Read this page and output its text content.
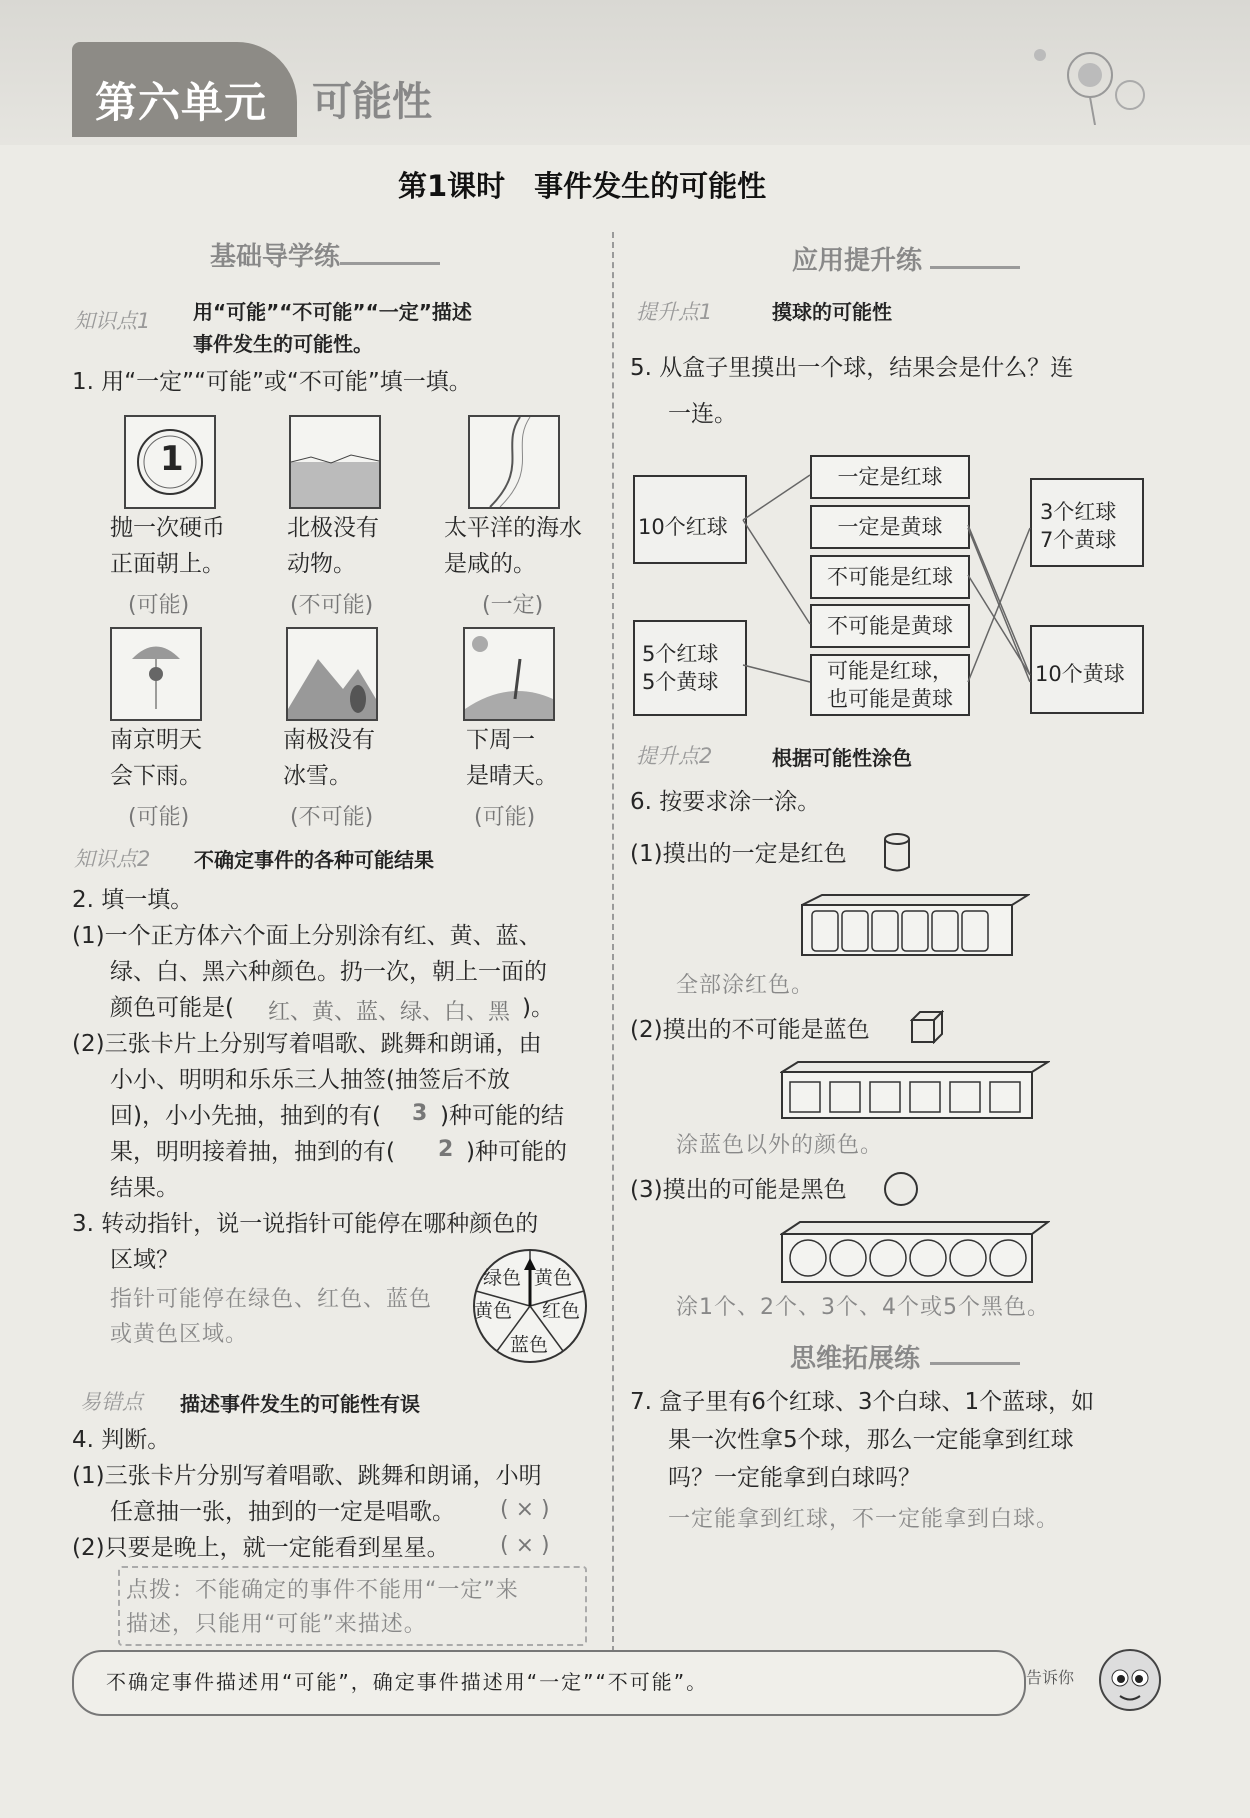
第六单元 可能性
第1课时　事件发生的可能性
基础导学练
知识点1 用“可能”“不可能”“一定”描述
事件发生的可能性。
1. 用“一定”“可能”或“不可能”填一填。
1
抛一次硬币
正面朝上。
(可能)
北极没有
动物。
(不可能)
太平洋的海水
是咸的。
(一定)
南京明天
会下雨。
(可能)
南极没有
冰雪。
(不可能)
下周一
是晴天。
(可能)
知识点2 不确定事件的各种可能结果
2. 填一填。
(1)一个正方体六个面上分别涂有红、黄、蓝、
绿、白、黑六种颜色。扔一次，朝上一面的
颜色可能是( 红、黄、蓝、绿、白、黑 )。
(2)三张卡片上分别写着唱歌、跳舞和朗诵，由
小小、明明和乐乐三人抽签(抽签后不放
回)，小小先抽，抽到的有( 3 )种可能的结
果，明明接着抽，抽到的有( 2 )种可能的
结果。
3. 转动指针，说一说指针可能停在哪种颜色的
区域？
指针可能停在绿色、红色、蓝色
或黄色区域。
绿色 黄色
黄色 红色
蓝色
易错点 描述事件发生的可能性有误
4. 判断。
(1)三张卡片分别写着唱歌、跳舞和朗诵，小明
任意抽一张，抽到的一定是唱歌。 ( × )
(2)只要是晚上，就一定能看到星星。 ( × )
点拨：不能确定的事件不能用“一定”来
描述，只能用“可能”来描述。
应用提升练
提升点1	摸球的可能性
5. 从盒子里摸出一个球，结果会是什么？连
一连。
10个红球
5个红球
5个黄球
一定是红球
一定是黄球
不可能是红球
不可能是黄球
可能是红球，
也可能是黄球
3个红球
7个黄球
10个黄球
提升点2	根据可能性涂色
6. 按要求涂一涂。
(1)摸出的一定是红色
全部涂红色。
(2)摸出的不可能是蓝色
涂蓝色以外的颜色。
(3)摸出的可能是黑色
涂1个、2个、3个、4个或5个黑色。
思维拓展练
7. 盒子里有6个红球、3个白球、1个蓝球，如
果一次性拿5个球，那么一定能拿到红球
吗？一定能拿到白球吗？
一定能拿到红球，不一定能拿到白球。
不确定事件描述用“可能”，确定事件描述用“一定”“不可能”。	告诉你
